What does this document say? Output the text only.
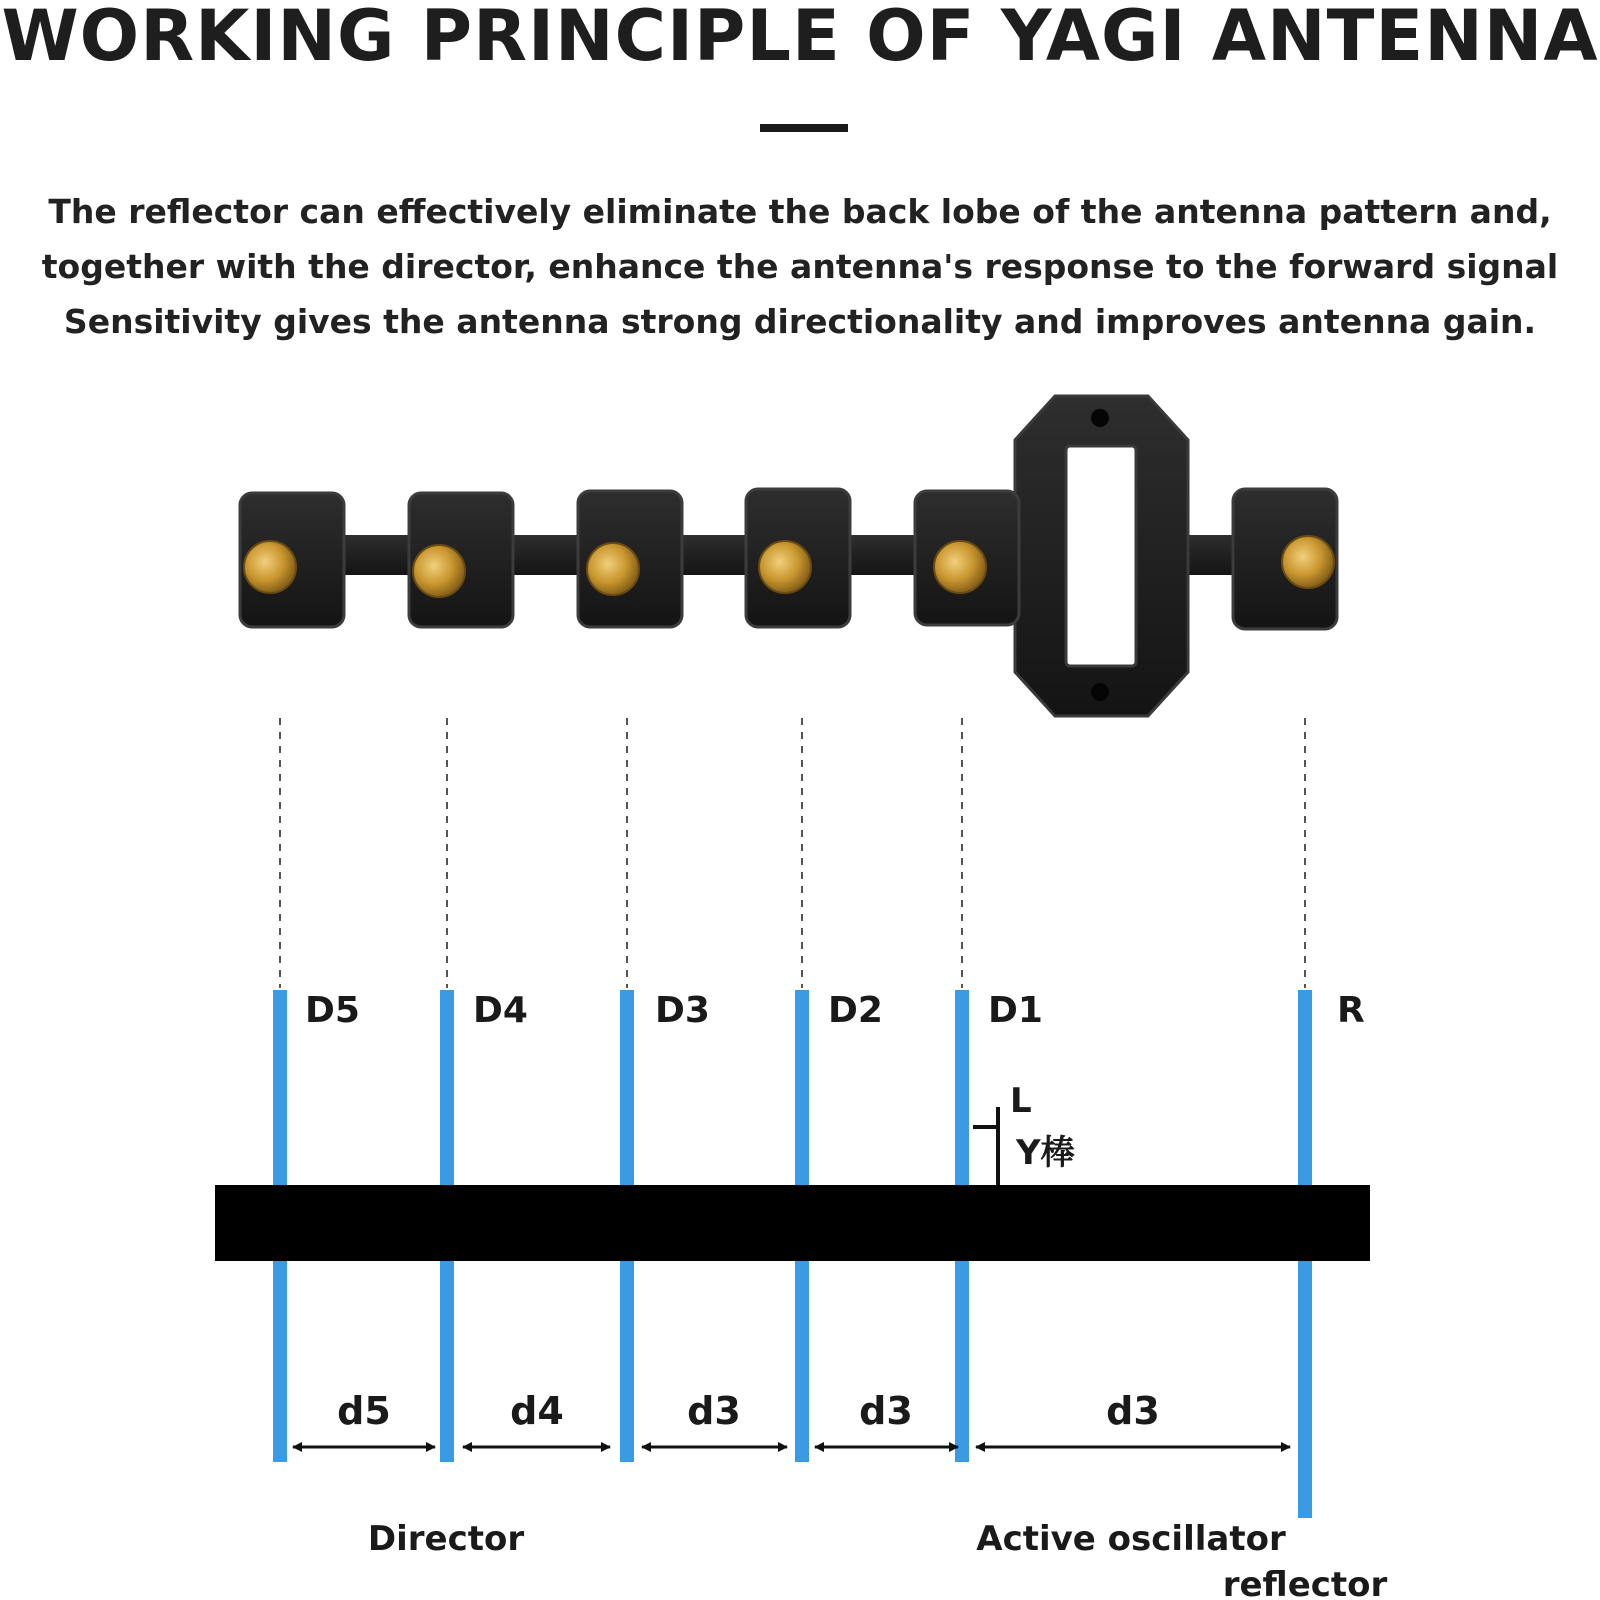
WORKING PRINCIPLE OF YAGI ANTENNA
The reflector can effectively eliminate the back lobe of the antenna pattern and,
together with the director, enhance the antenna's response to the forward signal
Sensitivity gives the antenna strong directionality and improves antenna gain.
D5	D4	D3	D2	D1	R
L
Y棒
d5	d4	d3	d3	d3
Director	Active oscillator
reflector
